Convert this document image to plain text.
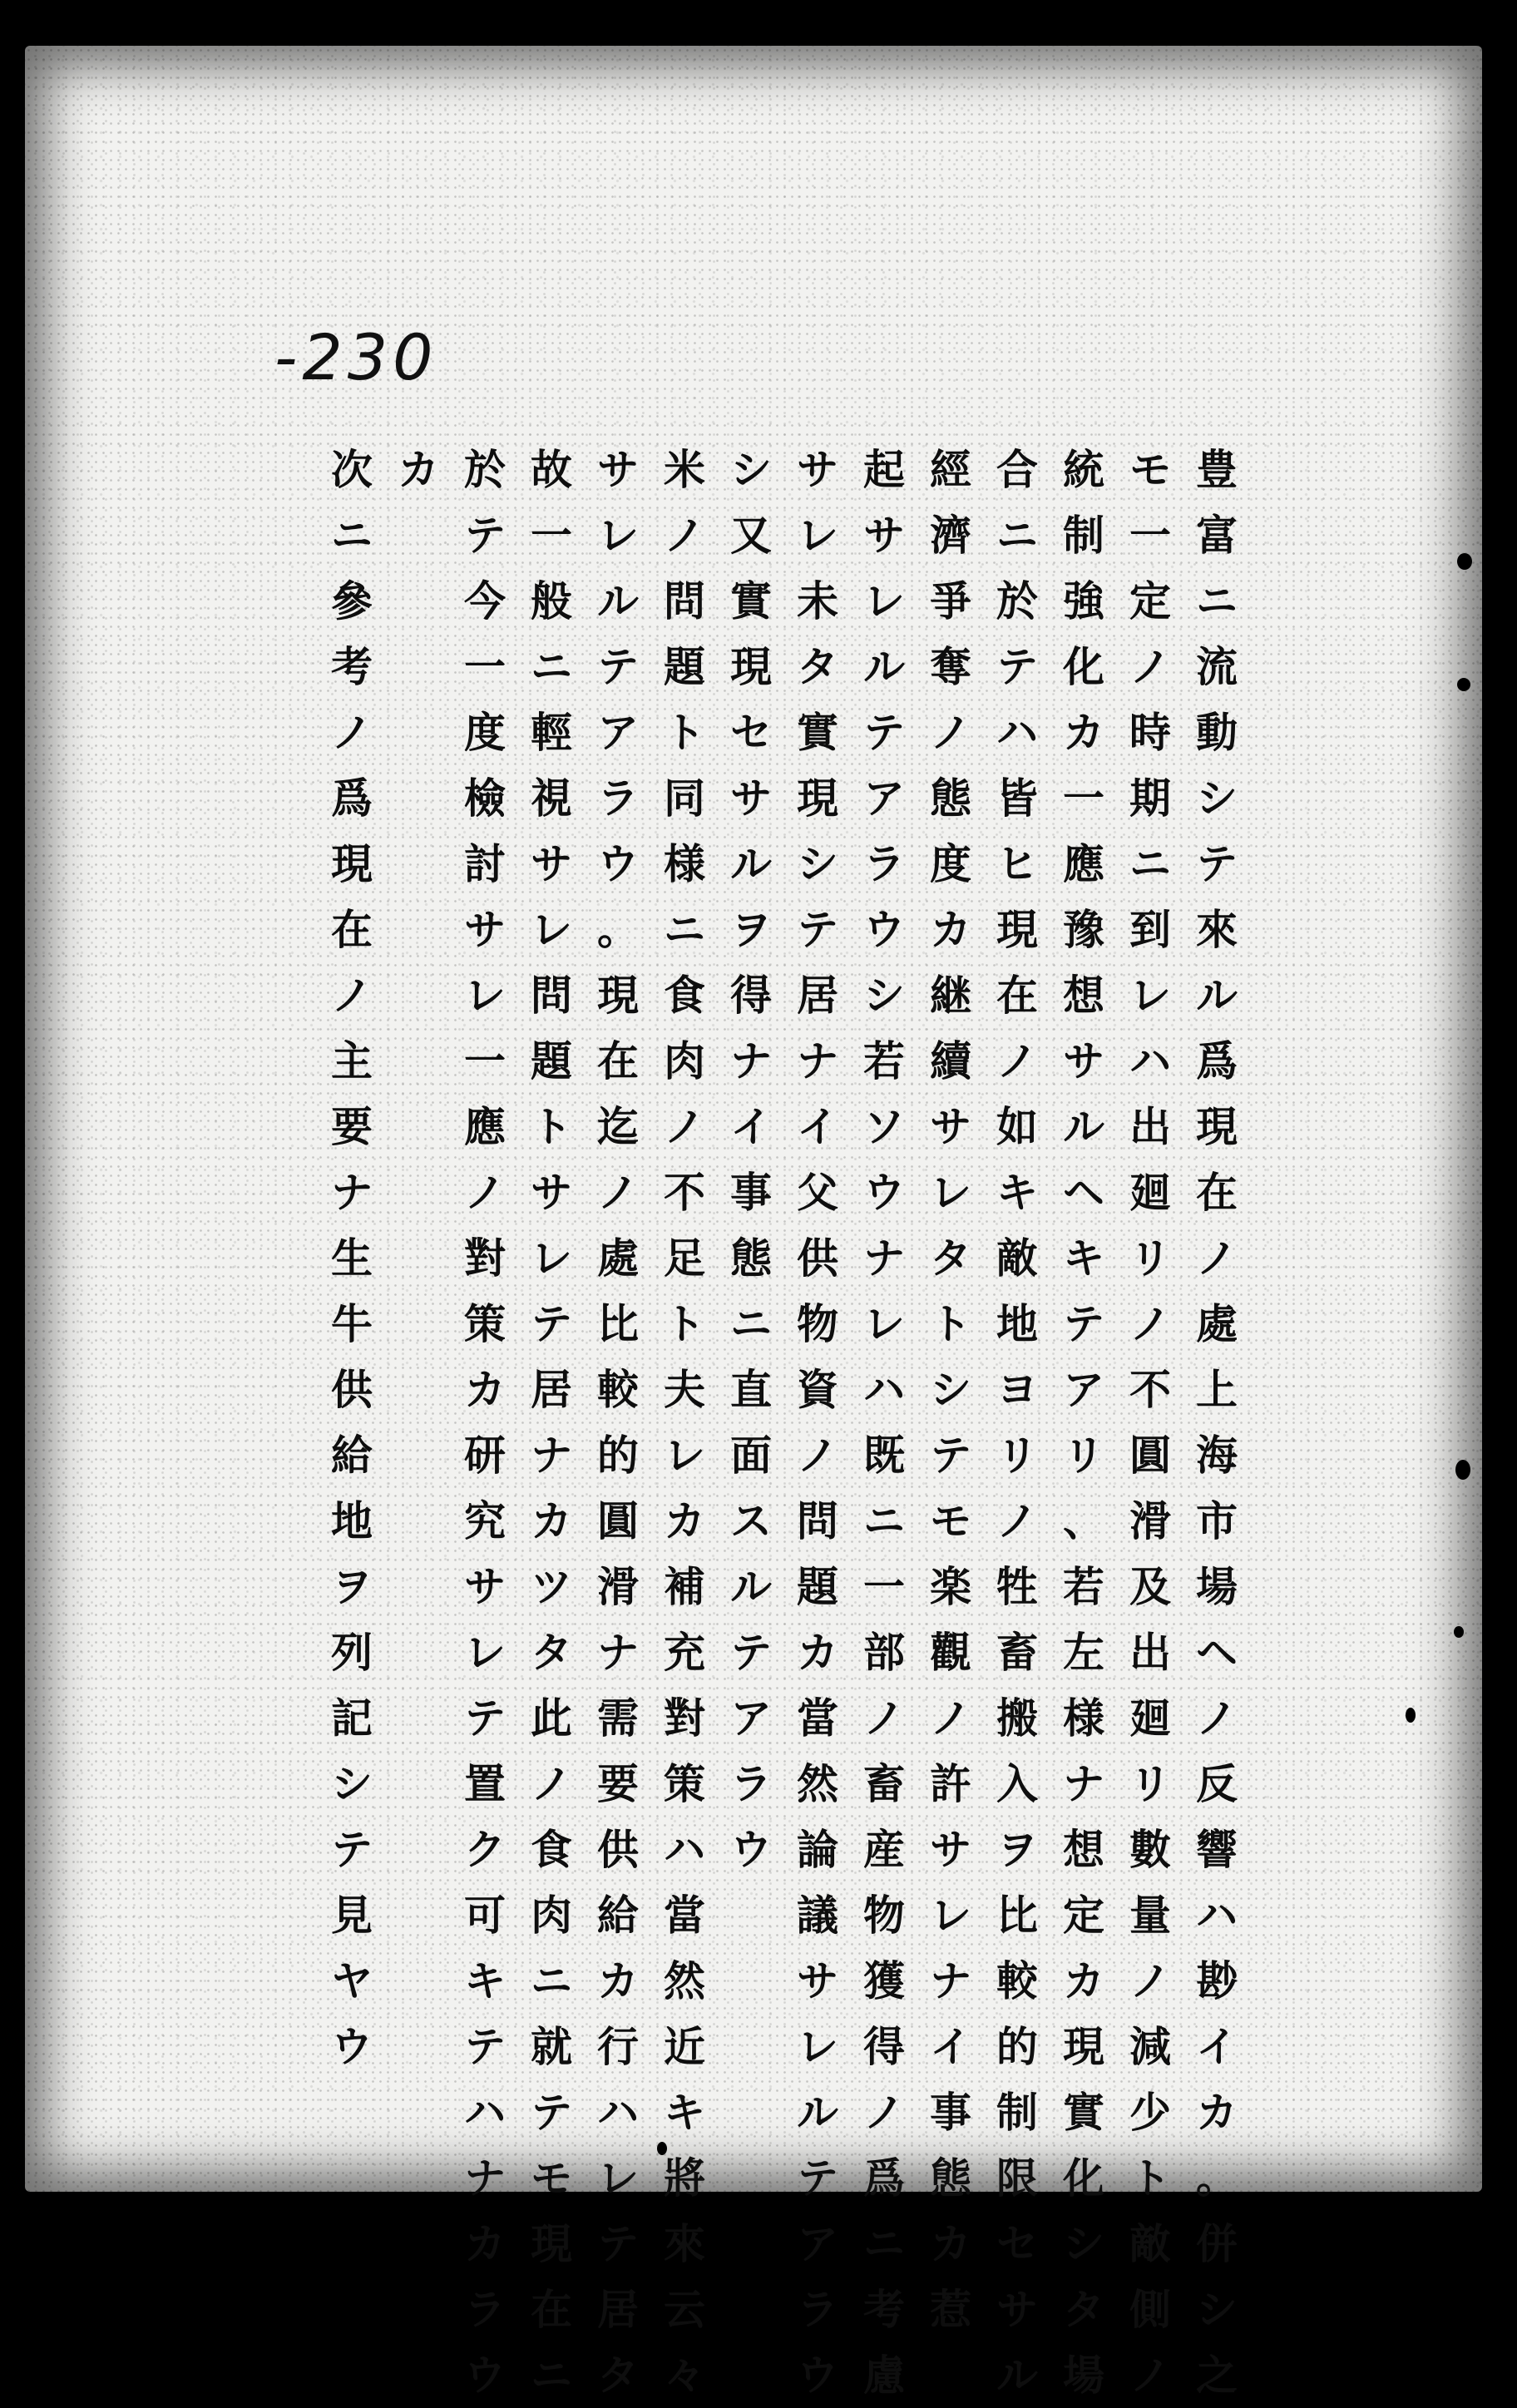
-230
豊
富
ニ
流
動
シ
テ
來
ル
爲
現
在
ノ
處
上
海
市
場
ヘ
ノ
反
響
ハ
尠
イ
カ
。
併
シ
之
モ
一
定
ノ
時
期
ニ
到
レ
ハ
出
廻
リ
ノ
不
圓
滑
及
出
廻
リ
數
量
ノ
減
少
ト
敵
側
ノ
統
制
強
化
カ
一
應
豫
想
サ
ル
ヘ
キ
テ
ア
リ
、
若
左
様
ナ
想
定
カ
現
實
化
シ
タ
場
合
ニ
於
テ
ハ
皆
ヒ
現
在
ノ
如
キ
敵
地
ヨ
リ
ノ
牲
畜
搬
入
ヲ
比
較
的
制
限
セ
サ
ル
經
濟
爭
奪
ノ
態
度
カ
継
續
サ
レ
タ
ト
シ
テ
モ
楽
觀
ノ
許
サ
レ
ナ
イ
事
態
カ
惹
起
サ
レ
ル
テ
ア
ラ
ウ
シ
若
ソ
ウ
ナ
レ
ハ
既
ニ
一
部
ノ
畜
産
物
獲
得
ノ
爲
ニ
考
慮
サ
レ
未
タ
實
現
シ
テ
居
ナ
イ
父
供
物
資
ノ
問
題
カ
當
然
論
議
サ
レ
ル
テ
ア
ラ
ウ
シ
又
實
現
セ
サ
ル
ヲ
得
ナ
イ
事
態
ニ
直
面
ス
ル
テ
ア
ラ
ウ
米
ノ
問
題
ト
同
様
ニ
食
肉
ノ
不
足
ト
夫
レ
カ
補
充
對
策
ハ
當
然
近
キ
將
來
云
々
サ
レ
ル
テ
ア
ラ
ウ
。
現
在
迄
ノ
處
比
較
的
圓
滑
ナ
需
要
供
給
カ
行
ハ
レ
テ
居
タ
故
一
般
ニ
輕
視
サ
レ
問
題
ト
サ
レ
テ
居
ナ
カ
ツ
タ
此
ノ
食
肉
ニ
就
テ
モ
現
在
ニ
於
テ
今
一
度
檢
討
サ
レ
一
應
ノ
對
策
カ
研
究
サ
レ
テ
置
ク
可
キ
テ
ハ
ナ
カ
ラ
ウ
カ
次
ニ
參
考
ノ
爲
現
在
ノ
主
要
ナ
生
牛
供
給
地
ヲ
列
記
シ
テ
見
ヤ
ウ
